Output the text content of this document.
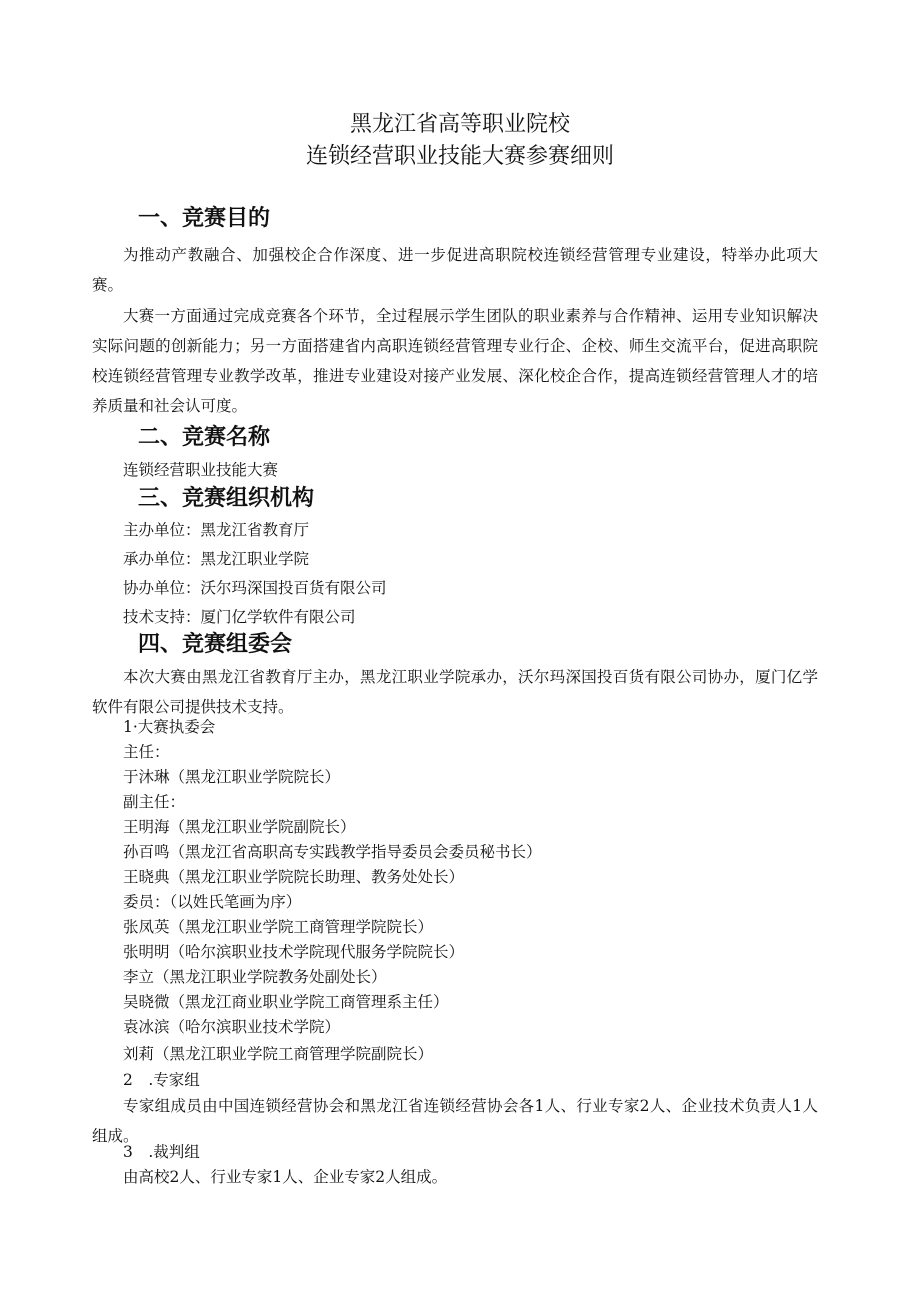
黑龙江省高等职业院校
连锁经营职业技能大赛参赛细则
一、竞赛目的
为推动产教融合、加强校企合作深度、进一步促进高职院校连锁经营管理专业建设，特举办此项大赛。
大赛一方面通过完成竞赛各个环节，全过程展示学生团队的职业素养与合作精神、运用专业知识解决实际问题的创新能力；另一方面搭建省内高职连锁经营管理专业行企、企校、师生交流平台，促进高职院校连锁经营管理专业教学改革，推进专业建设对接产业发展、深化校企合作，提高连锁经营管理人才的培养质量和社会认可度。
二、竞赛名称
连锁经营职业技能大赛
三、竞赛组织机构
主办单位：黑龙江省教育厅
承办单位：黑龙江职业学院
协办单位：沃尔玛深国投百货有限公司
技术支持：厦门亿学软件有限公司
四、竞赛组委会
本次大赛由黑龙江省教育厅主办，黑龙江职业学院承办，沃尔玛深国投百货有限公司协办，厦门亿学软件有限公司提供技术支持。
1·大赛执委会
主任：
于沐琳（黑龙江职业学院院长）
副主任：
王明海（黑龙江职业学院副院长）
孙百鸣（黑龙江省高职高专实践教学指导委员会委员秘书长）
王晓典（黑龙江职业学院院长助理、教务处处长）
委员：（以姓氏笔画为序）
张凤英（黑龙江职业学院工商管理学院院长）
张明明（哈尔滨职业技术学院现代服务学院院长）
李立（黑龙江职业学院教务处副处长）
吴晓微（黑龙江商业职业学院工商管理系主任）
袁冰滨（哈尔滨职业技术学院）
刘莉（黑龙江职业学院工商管理学院副院长）
2　.专家组
专家组成员由中国连锁经营协会和黑龙江省连锁经营协会各1人、行业专家2人、企业技术负责人1人组成。
3　.裁判组
由高校2人、行业专家1人、企业专家2人组成。
